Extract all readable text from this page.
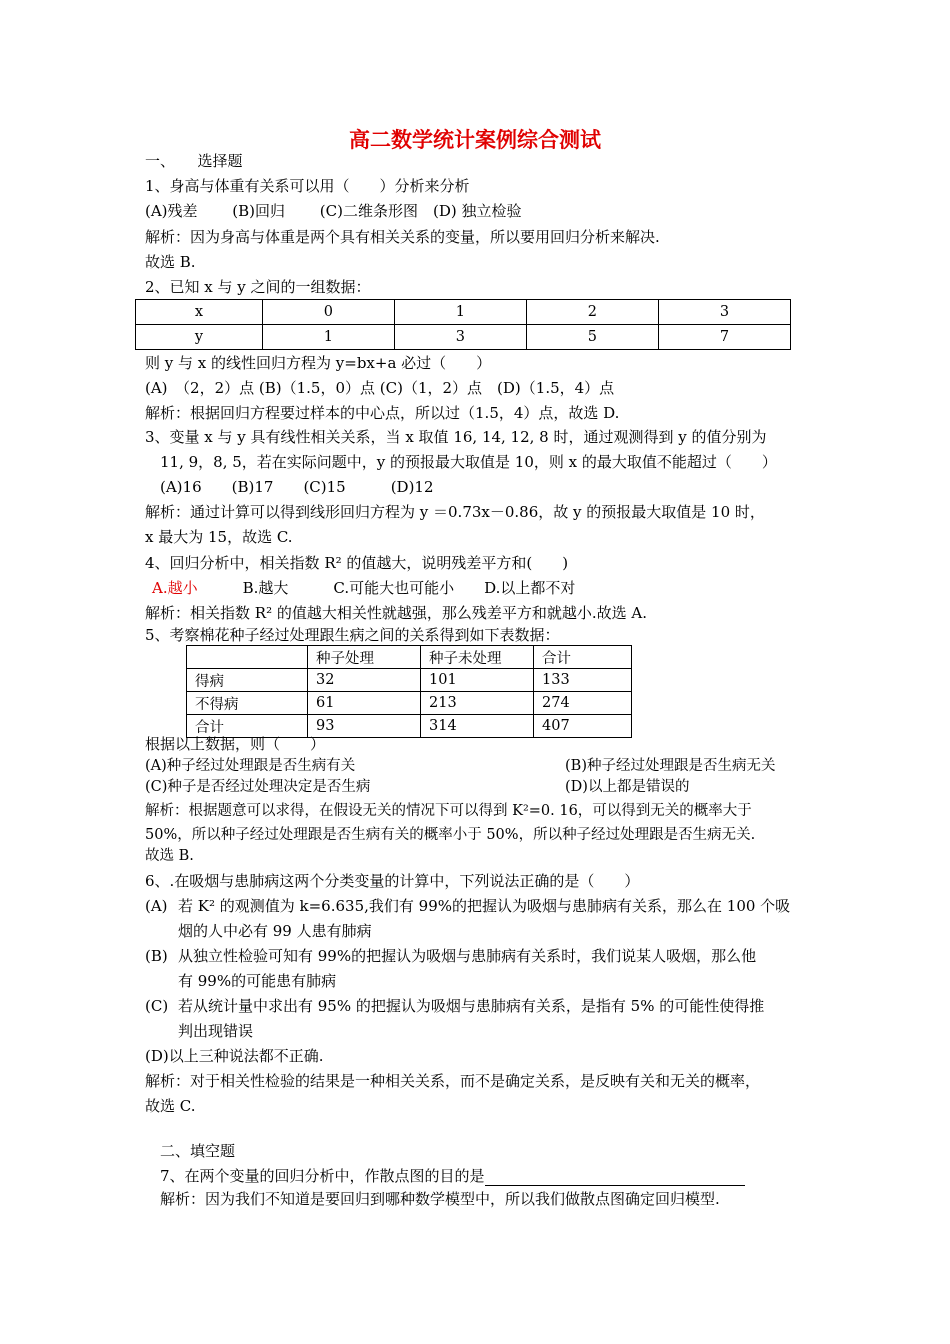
高二数学统计案例综合测试
一、　　选择题
1、身高与体重有关系可以用（　　）分析来分析
(A)残差　　 (B)回归　　 (C)二维条形图　(D) 独立检验
解析：因为身高与体重是两个具有相关关系的变量，所以要用回归分析来解决.
故选 B.
2、已知 x 与 y 之间的一组数据：
x	0	1	2	3
y	1	3	5	7
则 y 与 x 的线性回归方程为 y=bx+a 必过（　　）
(A)　（2，2）点 (B)（1.5，0）点 (C)（1，2）点　(D)（1.5，4）点
解析：根据回归方程要过样本的中心点，所以过（1.5，4）点，故选 D.
3、变量 x 与 y 具有线性相关关系，当 x 取值 16, 14, 12, 8 时，通过观测得到 y 的值分别为
11, 9，8, 5，若在实际问题中，y 的预报最大取值是 10，则 x 的最大取值不能超过（　　）
(A)16　　(B)17　　(C)15　　　(D)12
解析：通过计算可以得到线形回归方程为 y ＝0.73x－0.86，故 y 的预报最大取值是 10 时，
x 最大为 15，故选 C.
4、回归分析中，相关指数 R² 的值越大，说明残差平方和(　　)
A.越小　　　B.越大　　　C.可能大也可能小　　D.以上都不对
解析：相关指数 R² 的值越大相关性就越强，那么残差平方和就越小.故选 A.
5、考察棉花种子经过处理跟生病之间的关系得到如下表数据：
	种子处理	种子未处理	合计
得病	32	101	133
不得病	61	213	274
合计	93	314	407
根据以上数据，则（　　）
(A)种子经过处理跟是否生病有关	(B)种子经过处理跟是否生病无关
(C)种子是否经过处理决定是否生病	(D)以上都是错误的
解析：根据题意可以求得，在假设无关的情况下可以得到 K²=0. 16，可以得到无关的概率大于
50%，所以种子经过处理跟是否生病有关的概率小于 50%，所以种子经过处理跟是否生病无关.
故选 B.
6、.在吸烟与患肺病这两个分类变量的计算中，下列说法正确的是（　　）
(A) 若 K² 的观测值为 k=6.635,我们有 99%的把握认为吸烟与患肺病有关系，那么在 100 个吸
烟的人中必有 99 人患有肺病
(B) 从独立性检验可知有 99%的把握认为吸烟与患肺病有关系时，我们说某人吸烟，那么他
有 99%的可能患有肺病
(C) 若从统计量中求出有 95% 的把握认为吸烟与患肺病有关系，是指有 5% 的可能性使得推
判出现错误
(D)以上三种说法都不正确.
解析：对于相关性检验的结果是一种相关关系，而不是确定关系，是反映有关和无关的概率，
故选 C.
二、填空题
7、在两个变量的回归分析中，作散点图的目的是
解析：因为我们不知道是要回归到哪种数学模型中，所以我们做散点图确定回归模型.
